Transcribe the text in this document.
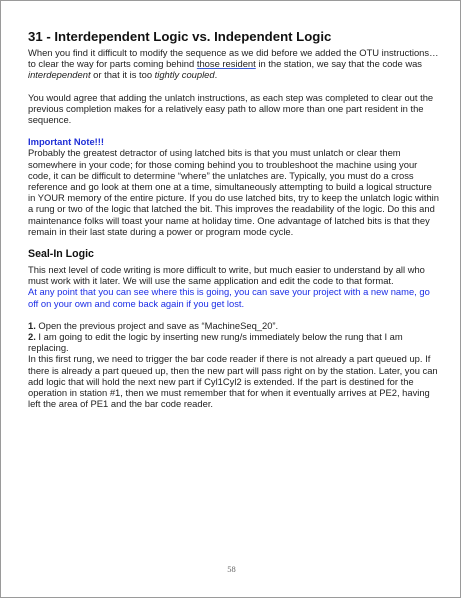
31 - Interdependent Logic vs. Independent Logic

When you find it difficult to modify the sequence as we did before we added the OTU instructions…to clear the way for parts coming behind those resident in the station, we say that the code was interdependent or that it is too tightly coupled.

You would agree that adding the unlatch instructions, as each step was completed to clear out the previous completion makes for a relatively easy path to allow more than one part resident in the sequence.

Important Note!!!

Probably the greatest detractor of using latched bits is that you must unlatch or clear them somewhere in your code; for those coming behind you to troubleshoot the machine using your code, it can be difficult to determine “where” the unlatches are. Typically, you must do a cross reference and go look at them one at a time, simultaneously attempting to build a logical structure in YOUR memory of the entire picture. If you do use latched bits, try to keep the unlatch logic within a rung or two of the logic that latched the bit. This improves the readability of the logic. Do this and maintenance folks will toast your name at holiday time. One advantage of latched bits is that they remain in their last state during a power or program mode cycle.

Seal-In Logic

This next level of code writing is more difficult to write, but much easier to understand by all who must work with it later. We will use the same application and edit the code to that format.

At any point that you can see where this is going, you can save your project with a new name, go off on your own and come back again if you get lost.

1. Open the previous project and save as “MachineSeq_20”.

2. I am going to edit the logic by inserting new rung/s immediately below the rung that I am replacing.

In this first rung, we need to trigger the bar code reader if there is not already a part queued up. If there is already a part queued up, then the new part will pass right on by the station. Later, you can add logic that will hold the next new part if Cyl1Cyl2 is extended. If the part is destined for the operation in station #1, then we must remember that for when it eventually arrives at PE2, having left the area of PE1 and the bar code reader.

58
